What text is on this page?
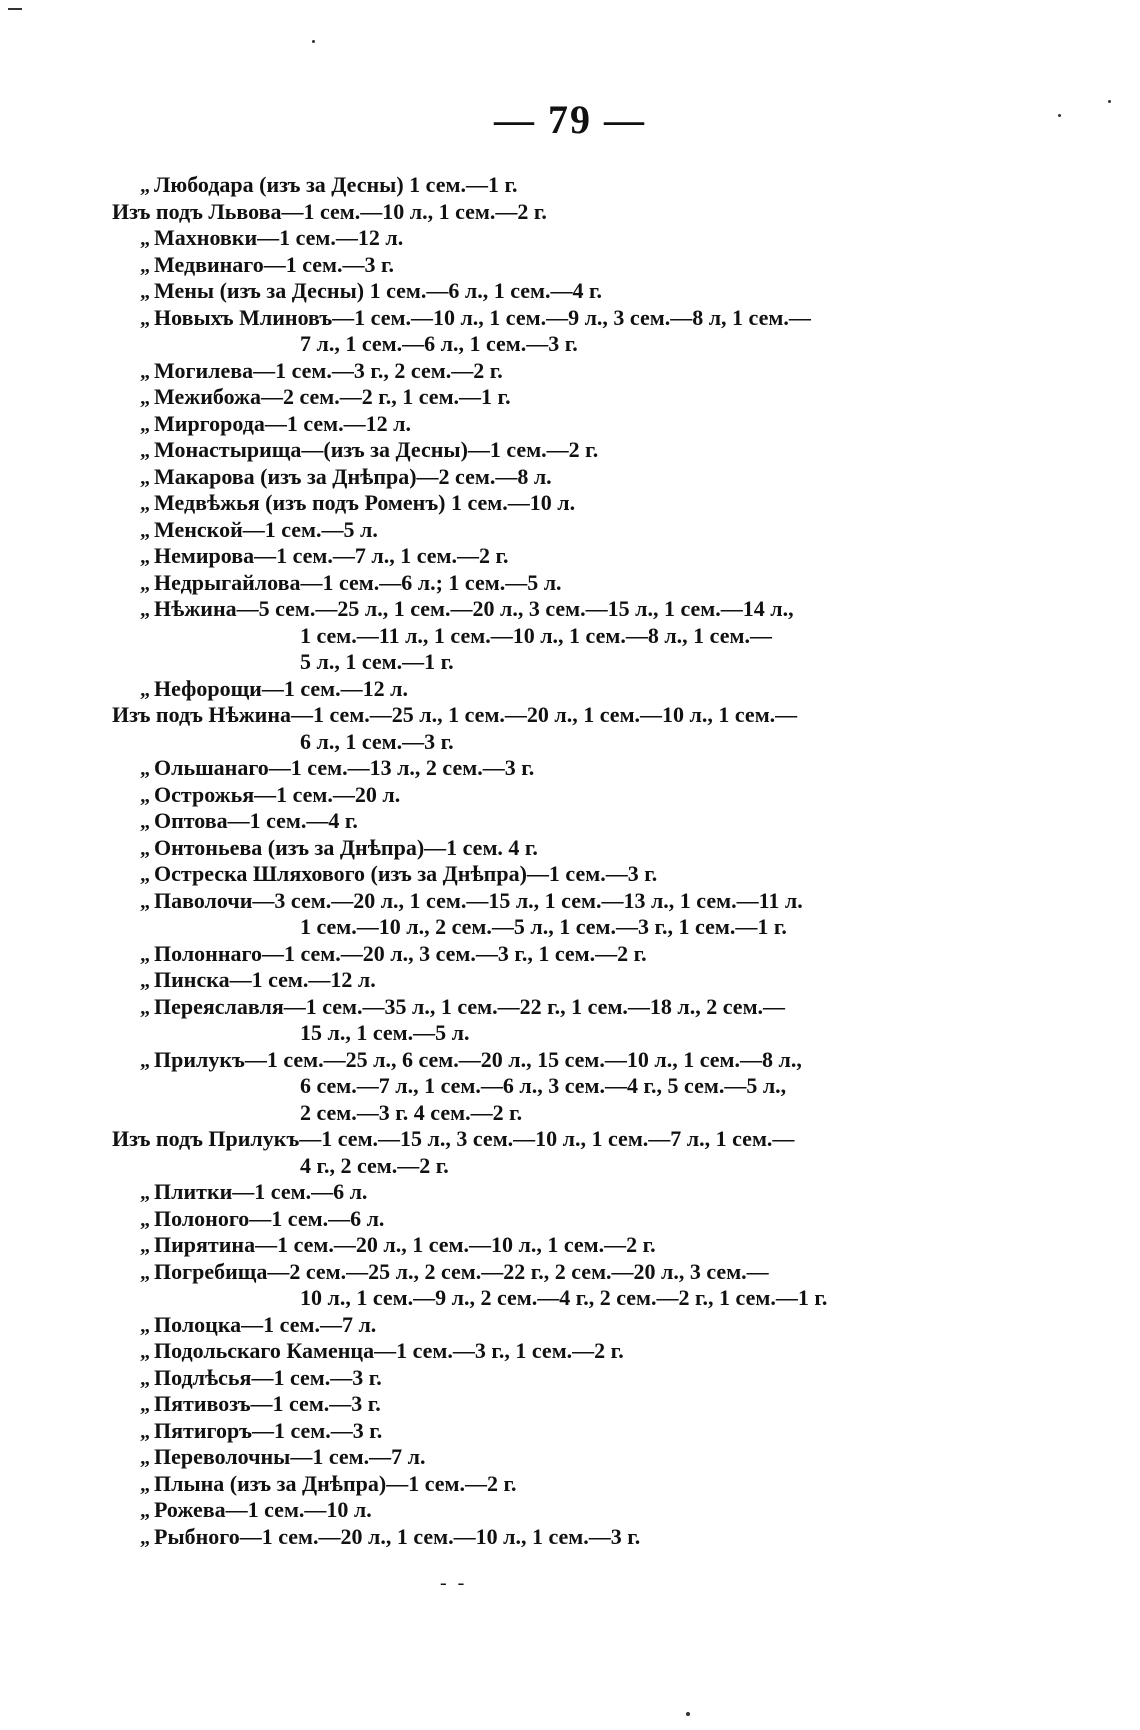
— 79 —
„ Любодара (изъ за Десны) 1 сем.—1 г.
Изъ подъ Львова—1 сем.—10 л., 1 сем.—2 г.
„ Махновки—1 сем.—12 л.
„ Медвинаго—1 сем.—3 г.
„ Мены (изъ за Десны) 1 сем.—6 л., 1 сем.—4 г.
„ Новыхъ Млиновъ—1 сем.—10 л., 1 сем.—9 л., 3 сем.—8 л, 1 сем.—
7 л., 1 сем.—6 л., 1 сем.—3 г.
„ Могилева—1 сем.—3 г., 2 сем.—2 г.
„ Межибожа—2 сем.—2 г., 1 сем.—1 г.
„ Миргорода—1 сем.—12 л.
„ Монастырища—(изъ за Десны)—1 сем.—2 г.
„ Макарова (изъ за Днѣпра)—2 сем.—8 л.
„ Медвѣжья (изъ подъ Роменъ) 1 сем.—10 л.
„ Менской—1 сем.—5 л.
„ Немирова—1 сем.—7 л., 1 сем.—2 г.
„ Недрыгайлова—1 сем.—6 л.; 1 сем.—5 л.
„ Нѣжина—5 сем.—25 л., 1 сем.—20 л., 3 сем.—15 л., 1 сем.—14 л.,
1 сем.—11 л., 1 сем.—10 л., 1 сем.—8 л., 1 сем.—
5 л., 1 сем.—1 г.
„ Нефорощи—1 сем.—12 л.
Изъ подъ Нѣжина—1 сем.—25 л., 1 сем.—20 л., 1 сем.—10 л., 1 сем.—
6 л., 1 сем.—3 г.
„ Ольшанаго—1 сем.—13 л., 2 сем.—3 г.
„ Острожья—1 сем.—20 л.
„ Оптова—1 сем.—4 г.
„ Онтоньева (изъ за Днѣпра)—1 сем. 4 г.
„ Остреска Шляхового (изъ за Днѣпра)—1 сем.—3 г.
„ Паволочи—3 сем.—20 л., 1 сем.—15 л., 1 сем.—13 л., 1 сем.—11 л.
1 сем.—10 л., 2 сем.—5 л., 1 сем.—3 г., 1 сем.—1 г.
„ Полоннаго—1 сем.—20 л., 3 сем.—3 г., 1 сем.—2 г.
„ Пинска—1 сем.—12 л.
„ Переяславля—1 сем.—35 л., 1 сем.—22 г., 1 сем.—18 л., 2 сем.—
15 л., 1 сем.—5 л.
„ Прилукъ—1 сем.—25 л., 6 сем.—20 л., 15 сем.—10 л., 1 сем.—8 л.,
6 сем.—7 л., 1 сем.—6 л., 3 сем.—4 г., 5 сем.—5 л.,
2 сем.—3 г. 4 сем.—2 г.
Изъ подъ Прилукъ—1 сем.—15 л., 3 сем.—10 л., 1 сем.—7 л., 1 сем.—
4 г., 2 сем.—2 г.
„ Плитки—1 сем.—6 л.
„ Полоного—1 сем.—6 л.
„ Пирятина—1 сем.—20 л., 1 сем.—10 л., 1 сем.—2 г.
„ Погребища—2 сем.—25 л., 2 сем.—22 г., 2 сем.—20 л., 3 сем.—
10 л., 1 сем.—9 л., 2 сем.—4 г., 2 сем.—2 г., 1 сем.—1 г.
„ Полоцка—1 сем.—7 л.
„ Подольскаго Каменца—1 сем.—3 г., 1 сем.—2 г.
„ Подлѣсья—1 сем.—3 г.
„ Пятивозъ—1 сем.—3 г.
„ Пятигоръ—1 сем.—3 г.
„ Переволочны—1 сем.—7 л.
„ Плына (изъ за Днѣпра)—1 сем.—2 г.
„ Рожева—1 сем.—10 л.
„ Рыбного—1 сем.—20 л., 1 сем.—10 л., 1 сем.—3 г.
- -
